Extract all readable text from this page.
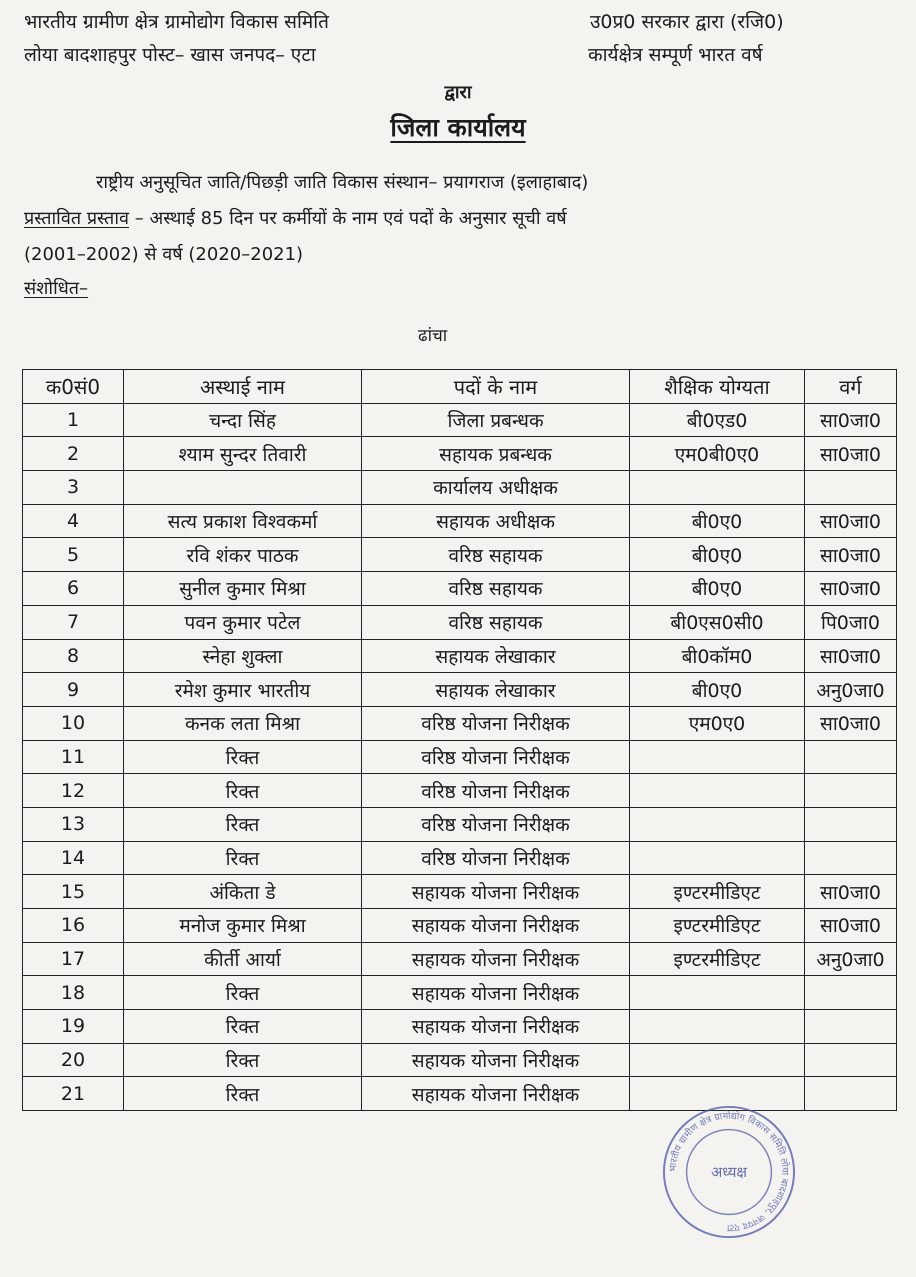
भारतीय ग्रामीण क्षेत्र ग्रामोद्योग विकास समिति
लोया बादशाहपुर पोस्ट– खास जनपद– एटा
उ0प्र0 सरकार द्वारा (रजि0)
कार्यक्षेत्र सम्पूर्ण भारत वर्ष
द्वारा
जिला कार्यालय
राष्ट्रीय अनुसूचित जाति/पिछड़ी जाति विकास संस्थान– प्रयागराज (इलाहाबाद)
प्रस्तावित प्रस्ताव – अस्थाई 85 दिन पर कर्मीयों के नाम एवं पदों के अनुसार सूची वर्ष
(2001–2002) से वर्ष (2020–2021)
संशोधित–
ढांचा
क0सं0	अस्थाई नाम	पदों के नाम	शैक्षिक योग्यता	वर्ग
1	चन्दा सिंह	जिला प्रबन्धक	बी0एड0	सा0जा0
2	श्याम सुन्दर तिवारी	सहायक प्रबन्धक	एम0बी0ए0	सा0जा0
3		कार्यालय अधीक्षक		
4	सत्य प्रकाश विश्वकर्मा	सहायक अधीक्षक	बी0ए0	सा0जा0
5	रवि शंकर पाठक	वरिष्ठ सहायक	बी0ए0	सा0जा0
6	सुनील कुमार मिश्रा	वरिष्ठ सहायक	बी0ए0	सा0जा0
7	पवन कुमार पटेल	वरिष्ठ सहायक	बी0एस0सी0	पि0जा0
8	स्नेहा शुक्ला	सहायक लेखाकार	बी0कॉम0	सा0जा0
9	रमेश कुमार भारतीय	सहायक लेखाकार	बी0ए0	अनु0जा0
10	कनक लता मिश्रा	वरिष्ठ योजना निरीक्षक	एम0ए0	सा0जा0
11	रिक्त	वरिष्ठ योजना निरीक्षक		
12	रिक्त	वरिष्ठ योजना निरीक्षक		
13	रिक्त	वरिष्ठ योजना निरीक्षक		
14	रिक्त	वरिष्ठ योजना निरीक्षक		
15	अंकिता डे	सहायक योजना निरीक्षक	इण्टरमीडिएट	सा0जा0
16	मनोज कुमार मिश्रा	सहायक योजना निरीक्षक	इण्टरमीडिएट	सा0जा0
17	कीर्ती आर्या	सहायक योजना निरीक्षक	इण्टरमीडिएट	अनु0जा0
18	रिक्त	सहायक योजना निरीक्षक		
19	रिक्त	सहायक योजना निरीक्षक		
20	रिक्त	सहायक योजना निरीक्षक		
21	रिक्त	सहायक योजना निरीक्षक		
भारतीय ग्रामीण क्षेत्र ग्रामोद्योग विकास समिति लोया बादशाहपुर, जनपद एटा
अध्यक्ष
